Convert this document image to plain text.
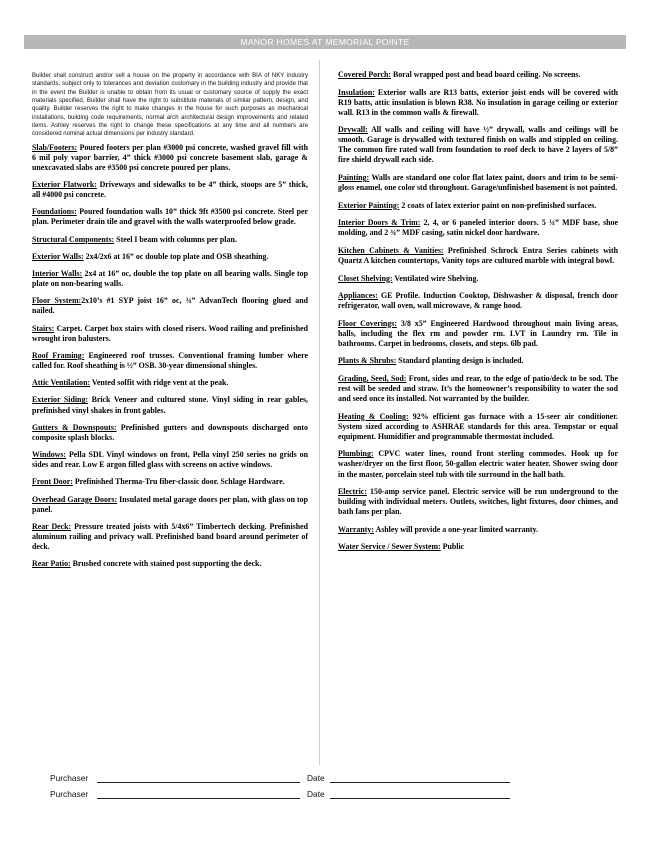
MANOR HOMES AT MEMORIAL POINTE

Builder shall construct and/or sell a house on the property in accordance with BIA of NKY industry standards, subject only to tolerances and deviation customary in the building industry and provide that in the event the Builder is unable to obtain from its usual or customary source of supply the exact materials specified, Builder shall have the right to substitute materials of similar pattern, design, and quality. Builder reserves the right to make changes in the house for such purposes as mechanical installations, building code requirements, normal arch architectural design improvements and related items. Ashley reserves the right to change these specifications at any time and all numbers are considered nominal actual dimensions per industry standard.

Slab/Footers: Poured footers per plan #3000 psi concrete, washed gravel fill with 6 mil poly vapor barrier, 4” thick #3000 psi concrete basement slab, garage & unexcavated slabs are #3500 psi concrete poured per plans.

Exterior Flatwork: Driveways and sidewalks to be 4” thick, stoops are 5” thick, all #4000 psi concrete.

Foundations: Poured foundation walls 10” thick 9ft #3500 psi concrete. Steel per plan. Perimeter drain tile and gravel with the walls waterproofed below grade.

Structural Components: Steel I beam with columns per plan.

Exterior Walls: 2x4/2x6 at 16” oc double top plate and OSB sheathing.

Interior Walls: 2x4 at 16” oc, double the top plate on all bearing walls. Single top plate on non-bearing walls.

Floor System:2x10’s #1 SYP joist 16” oc, ¾” AdvanTech flooring glued and nailed.

Stairs: Carpet. Carpet box stairs with closed risers. Wood railing and prefinished wrought iron balusters.

Roof Framing: Engineered roof trusses. Conventional framing lumber where called for. Roof sheathing is ½” OSB. 30-year dimensional shingles.

Attic Ventilation: Vented soffit with ridge vent at the peak.

Exterior Siding: Brick Veneer and cultured stone. Vinyl siding in rear gables, prefinished vinyl shakes in front gables.

Gutters & Downspouts: Prefinished gutters and downspouts discharged onto composite splash blocks.

Windows: Pella SDL Vinyl windows on front, Pella vinyl 250 series no grids on sides and rear. Low E argon filled glass with screens on active windows.

Front Door: Prefinished Therma-Tru fiber-classic door. Schlage Hardware.

Overhead Garage Doors: Insulated metal garage doors per plan, with glass on top panel.

Rear Deck: Pressure treated joists with 5/4x6” Timbertech decking. Prefinished aluminum railing and privacy wall. Prefinished band board around perimeter of deck.

Rear Patio: Brushed concrete with stained post supporting the deck.

Covered Porch: Boral wrapped post and bead board ceiling. No screens.

Insulation: Exterior walls are R13 batts, exterior joist ends will be covered with R19 batts, attic insulation is blown R38. No insulation in garage ceiling or exterior wall. R13 in the common walls & firewall.

Drywall: All walls and ceiling will have ½” drywall, walls and ceilings will be smooth. Garage is drywalled with textured finish on walls and stippled on ceiling. The common fire rated wall from foundation to roof deck to have 2 layers of 5/8” fire shield drywall each side.

Painting: Walls are standard one color flat latex paint, doors and trim to be semi-gloss enamel, one color std throughout. Garage/unfinished basement is not painted.

Exterior Painting: 2 coats of latex exterior paint on non-prefinished surfaces.

Interior Doors & Trim: 2, 4, or 6 paneled interior doors. 5 ¼” MDF base, shoe molding, and 2 ¾” MDF casing, satin nickel door hardware.

Kitchen Cabinets & Vanities: Prefinished Schrock Entra Series cabinets with Quartz A kitchen countertops, Vanity tops are cultured marble with integral bowl.

Closet Shelving: Ventilated wire Shelving.

Appliances: GE Profile. Induction Cooktop, Dishwasher & disposal, french door refrigerator, wall oven, wall microwave, & range hood.

Floor Coverings: 3/8 x5” Engineered Hardwood throughout main living areas, halls, including the flex rm and powder rm. LVT in Laundry rm. Tile in bathrooms. Carpet in bedrooms, closets, and steps. 6lb pad.

Plants & Shrubs: Standard planting design is included.

Grading, Seed, Sod: Front, sides and rear, to the edge of patio/deck to be sod. The rest will be seeded and straw. It’s the homeowner’s responsibility to water the sod and seed once its installed. Not warranted by the builder.

Heating & Cooling: 92% efficient gas furnace with a 15-seer air conditioner. System sized according to ASHRAE standards for this area. Tempstar or equal equipment. Humidifier and programmable thermostat included.

Plumbing: CPVC water lines, round front sterling commodes. Hook up for washer/dryer on the first floor, 50-gallon electric water heater. Shower swing door in the master, porcelain steel tub with tile surround in the hall bath.

Electric: 150-amp service panel. Electric service will be run underground to the building with individual meters. Outlets, switches, light fixtures, door chimes, and bath fans per plan.

Warranty: Ashley will provide a one-year limited warranty.

Water Service / Sewer System: Public

Purchaser	Date
Purchaser	Date
